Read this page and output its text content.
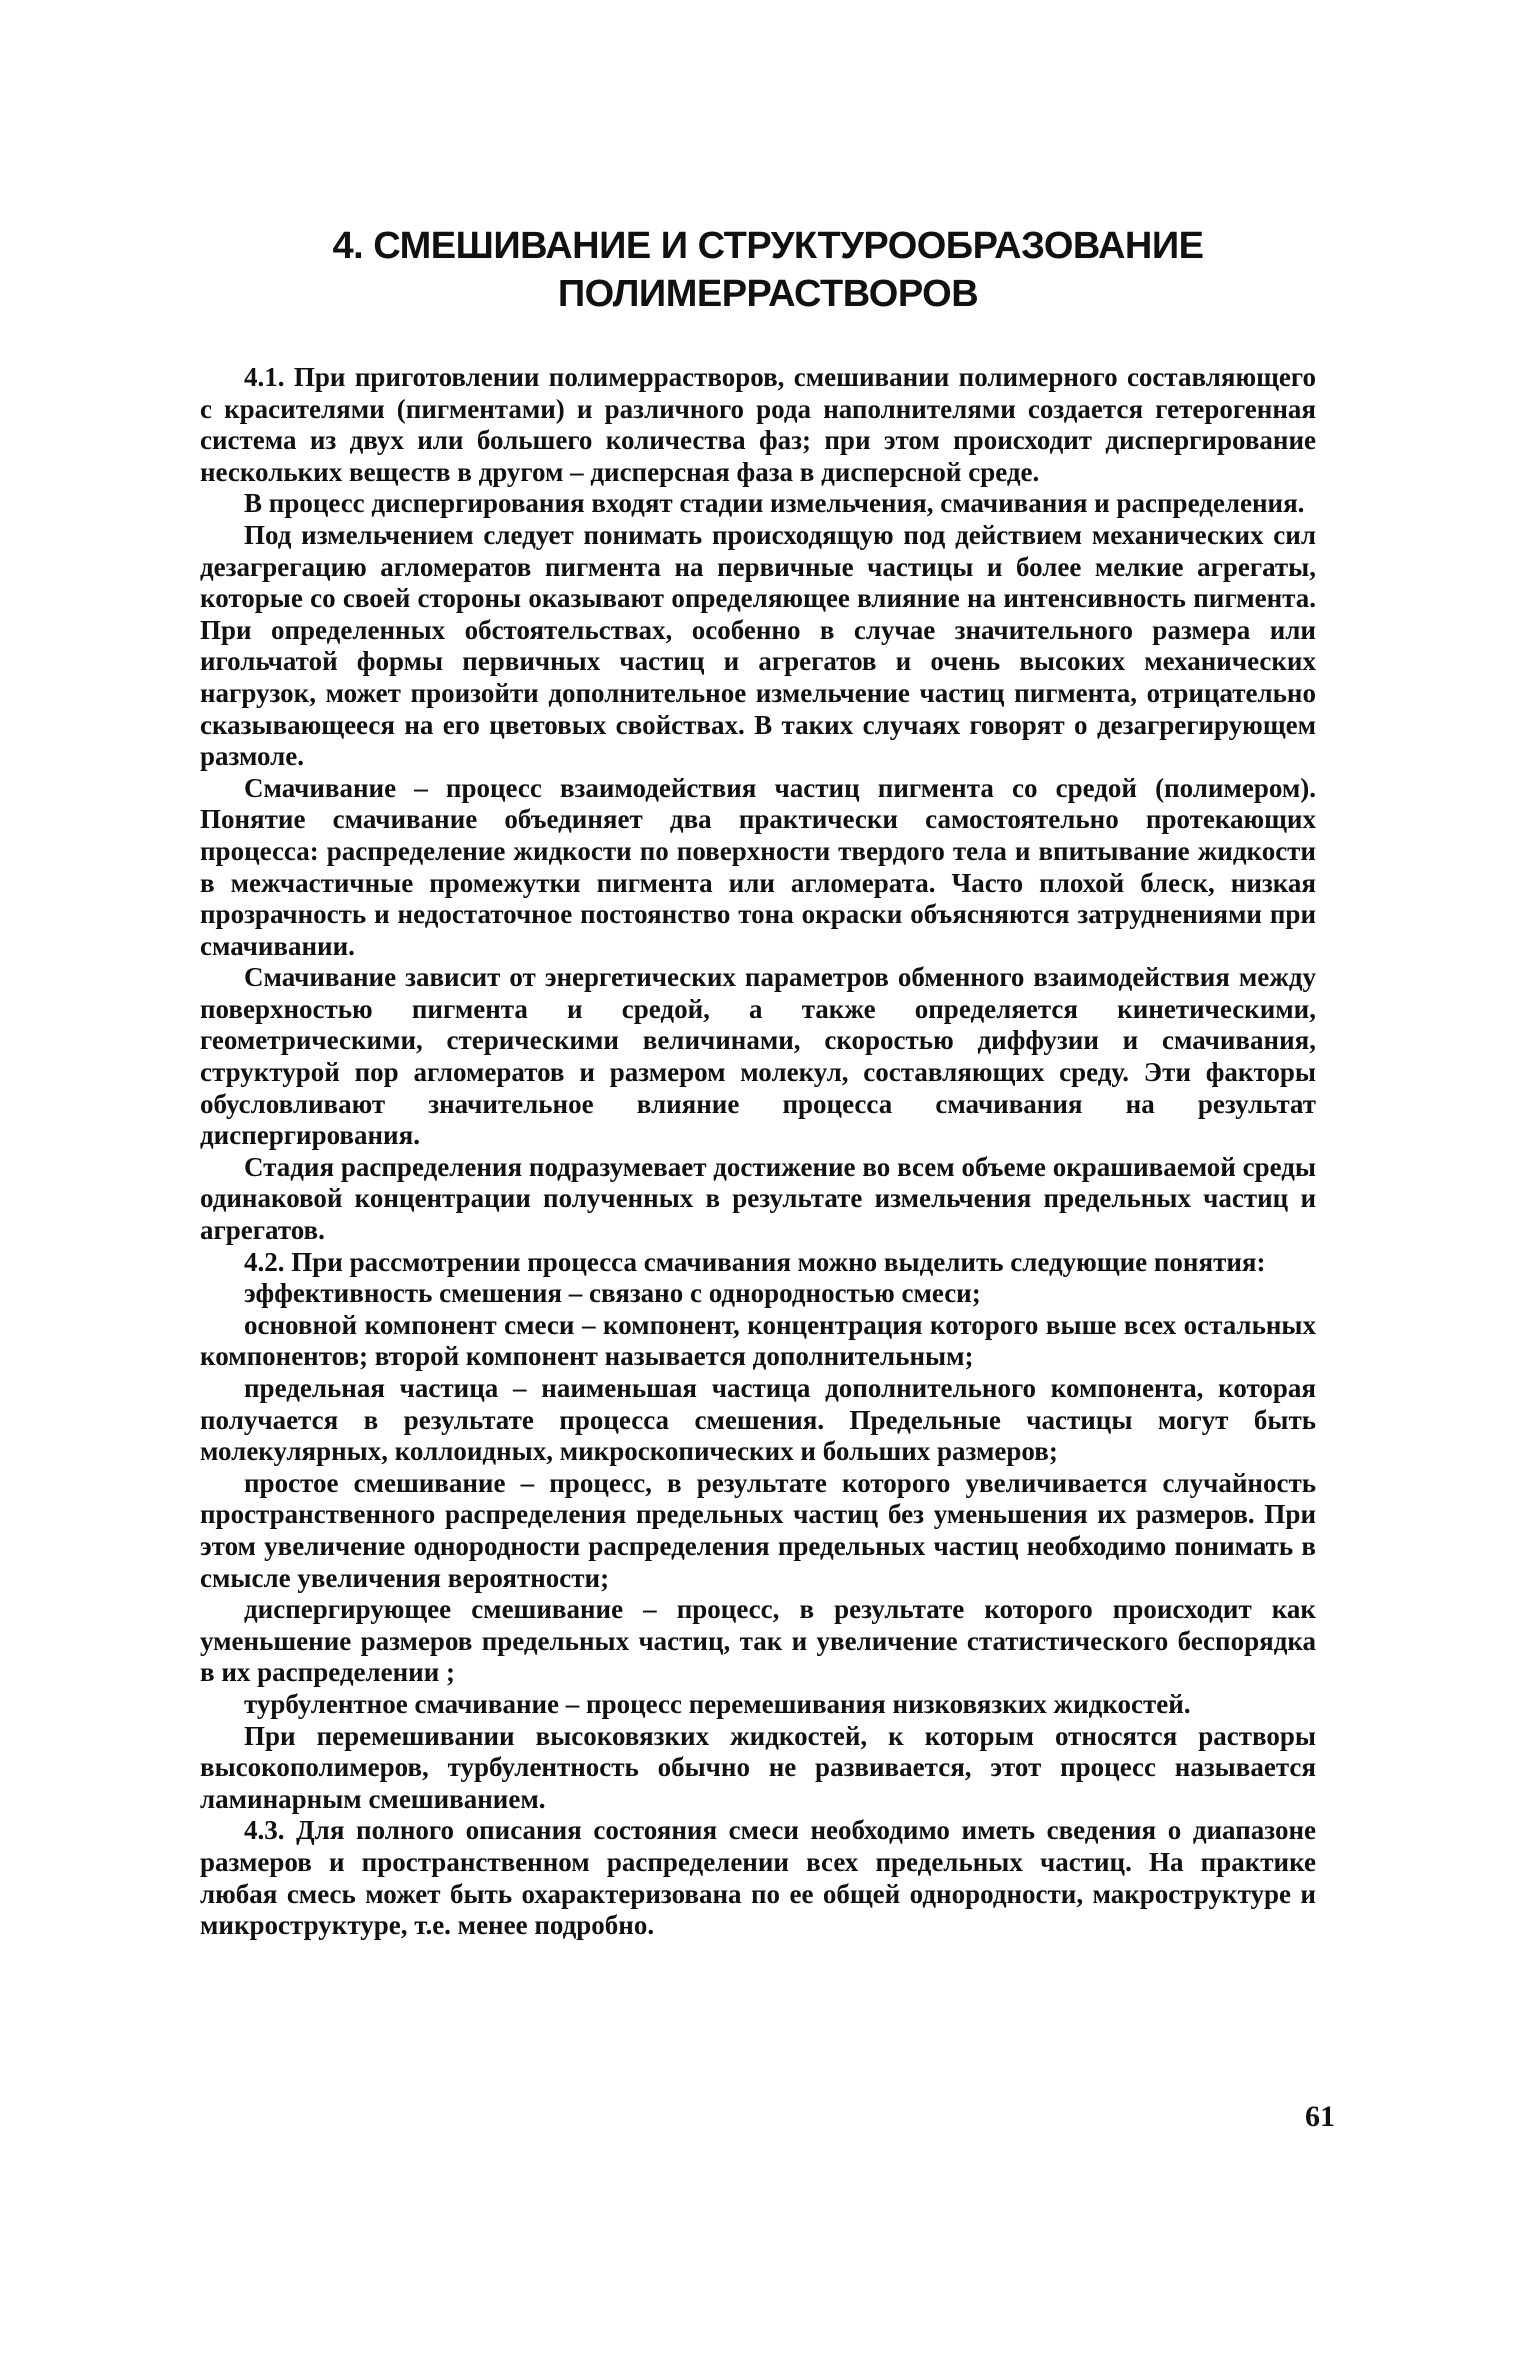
4. СМЕШИВАНИЕ И СТРУКТУРООБРАЗОВАНИЕ
ПОЛИМЕРРАСТВОРОВ

4.1. При приготовлении полимеррастворов, смешивании полимерного составляющего с красителями (пигментами) и различного рода наполнителями создается гетерогенная система из двух или большего количества фаз; при этом происходит диспергирование нескольких веществ в другом – дисперсная фаза в дисперсной среде.

В процесс диспергирования входят стадии измельчения, смачивания и распределения.

Под измельчением следует понимать происходящую под действием механических сил дезагрегацию агломератов пигмента на первичные частицы и более мелкие агрегаты, которые со своей стороны оказывают определяющее влияние на интенсивность пигмента. При определенных обстоятельствах, особенно в случае значительного размера или игольчатой формы первичных частиц и агрегатов и очень высоких механических нагрузок, может произойти дополнительное измельчение частиц пигмента, отрицательно сказывающееся на его цветовых свойствах. В таких случаях говорят о дезагрегирующем размоле.

Смачивание – процесс взаимодействия частиц пигмента со средой (полимером). Понятие смачивание объединяет два практически самостоятельно протекающих процесса: распределение жидкости по поверхности твердого тела и впитывание жидкости в межчастичные промежутки пигмента или агломерата. Часто плохой блеск, низкая прозрачность и недостаточное постоянство тона окраски объясняются затруднениями при смачивании.

Смачивание зависит от энергетических параметров обменного взаимодействия между поверхностью пигмента и средой, а также определяется кинетическими, геометрическими, стерическими величинами, скоростью диффузии и смачивания, структурой пор агломератов и размером молекул, составляющих среду. Эти факторы обусловливают значительное влияние процесса смачивания на результат диспергирования.

Стадия распределения подразумевает достижение во всем объеме окрашиваемой среды одинаковой концентрации полученных в результате измельчения предельных частиц и агрегатов.

4.2. При рассмотрении процесса смачивания можно выделить следующие понятия:

эффективность смешения – связано с однородностью смеси;

основной компонент смеси – компонент, концентрация которого выше всех остальных компонентов; второй компонент называется дополнительным;

предельная частица – наименьшая частица дополнительного компонента, которая получается в результате процесса смешения. Предельные частицы могут быть молекулярных, коллоидных, микроскопических и больших размеров;

простое смешивание – процесс, в результате которого увеличивается случайность пространственного распределения предельных частиц без уменьшения их размеров. При этом увеличение однородности распределения предельных частиц необходимо понимать в смысле увеличения вероятности;

диспергирующее смешивание – процесс, в результате которого происходит как уменьшение размеров предельных частиц, так и увеличение статистического беспорядка в их распределении ;

турбулентное смачивание – процесс перемешивания низковязких жидкостей.

При перемешивании высоковязких жидкостей, к которым относятся растворы высокополимеров, турбулентность обычно не развивается, этот процесс называется ламинарным смешиванием.

4.3. Для полного описания состояния смеси необходимо иметь сведения о диапазоне размеров и пространственном распределении всех предельных частиц. На практике любая смесь может быть охарактеризована по ее общей однородности, макроструктуре и микроструктуре, т.е. менее подробно.

61
